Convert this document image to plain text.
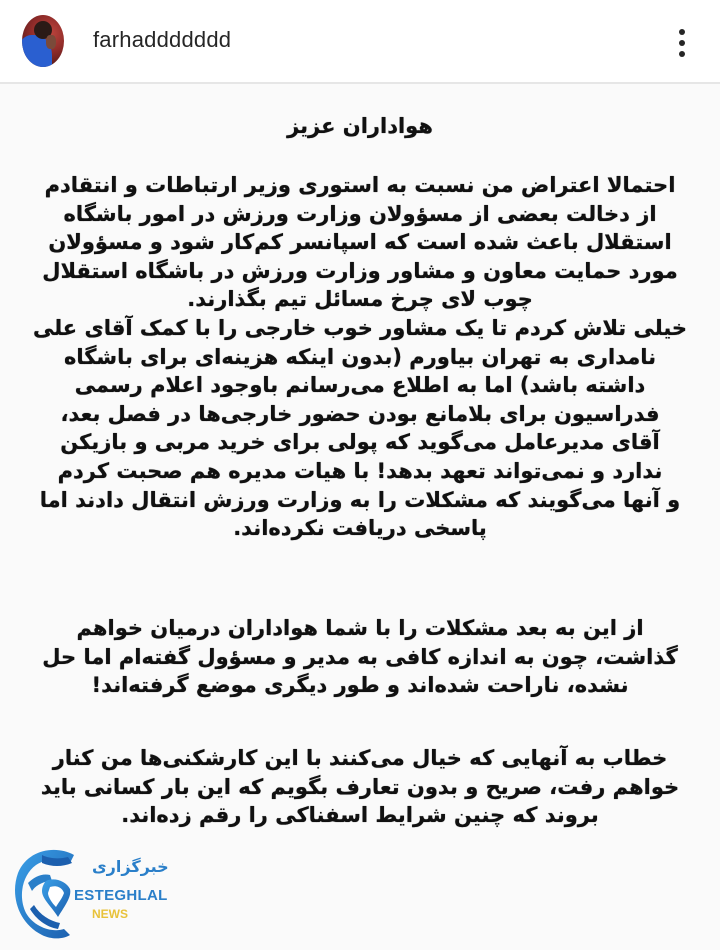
farhaddddddd
هواداران عزیز
احتمالا اعتراض من نسبت به استوری وزیر ارتباطات و انتقادم
از دخالت بعضی از مسؤولان وزارت ورزش در امور باشگاه
استقلال باعث شده است که اسپانسر کم‌کار شود و مسؤولان
مورد حمایت معاون و مشاور وزارت ورزش در باشگاه استقلال
چوب لای چرخ مسائل تیم بگذارند.
خیلی تلاش کردم تا یک مشاور خوب خارجی را با کمک آقای علی
نامداری به تهران بیاورم (بدون اینکه هزینه‌ای برای باشگاه
داشته باشد) اما به اطلاع می‌رسانم باوجود اعلام رسمی
فدراسیون برای بلامانع بودن حضور خارجی‌ها در فصل بعد،
آقای مدیرعامل می‌گوید که پولی برای خرید مربی و بازیکن
ندارد و نمی‌تواند تعهد بدهد! با هیات مدیره هم صحبت کردم
و آنها می‌گویند که مشکلات را به وزارت ورزش انتقال دادند اما
پاسخی دریافت نکرده‌اند.
از این به بعد مشکلات را با شما هواداران درمیان خواهم
گذاشت، چون به اندازه کافی به مدیر و مسؤول گفته‌ام اما حل
نشده، ناراحت شده‌اند و طور دیگری موضع گرفته‌اند!
خطاب به آنهایی که خیال می‌کنند با این کارشکنی‌ها من کنار
خواهم رفت، صریح و بدون تعارف بگویم که این بار کسانی باید
بروند که چنین شرایط اسفناکی را رقم زده‌اند.
خبرگزاری
ESTEGHLAL
NEWS
